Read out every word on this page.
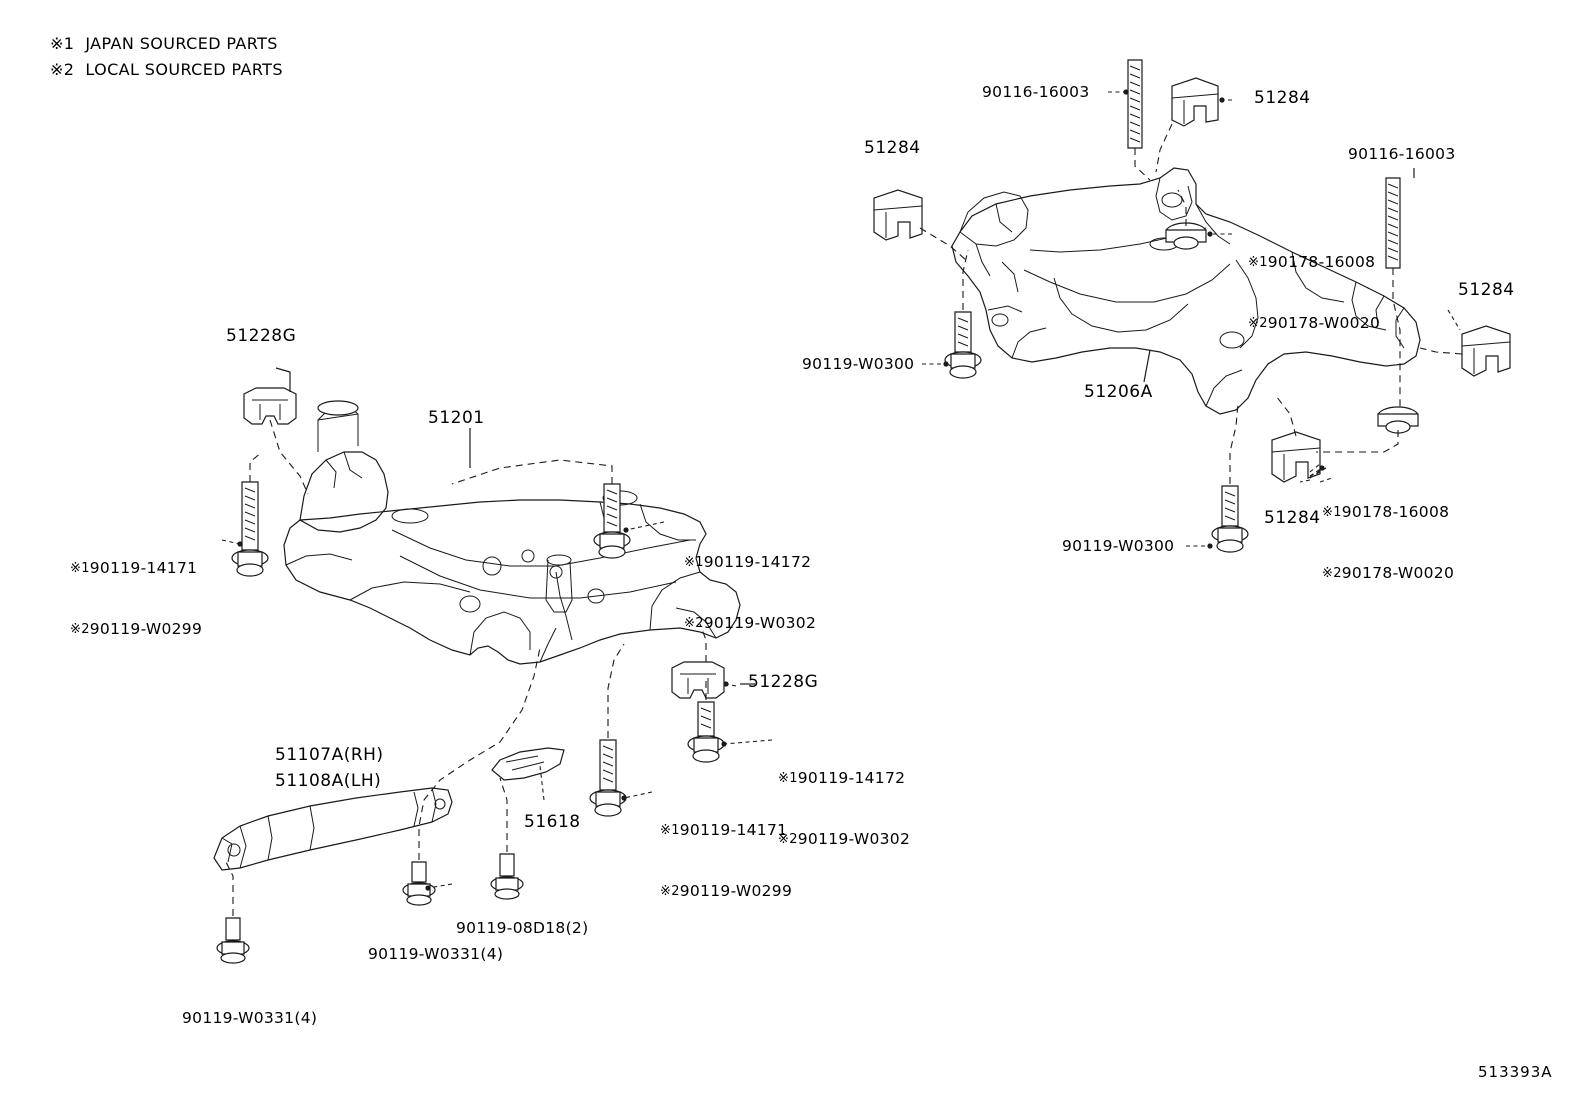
※1 JAPAN SOURCED PARTS

※2 LOCAL SOURCED PARTS

51228G
51201
51228G
51107A(RH)
51108A(LH)
51618

※190119-14171

※290119-W0299

※190119-14172

※290119-W0302

※190119-14172

※290119-W0302

※190119-14171

※290119-W0299

90119-08D18(2)
90119-W0331(4)
90119-W0331(4)
51284
51284
51284
51284
51206A
90116-16003
90116-16003

※190178-16008

※290178-W0020

※190178-16008

※290178-W0020

90119-W0300
90119-W0300
513393A
